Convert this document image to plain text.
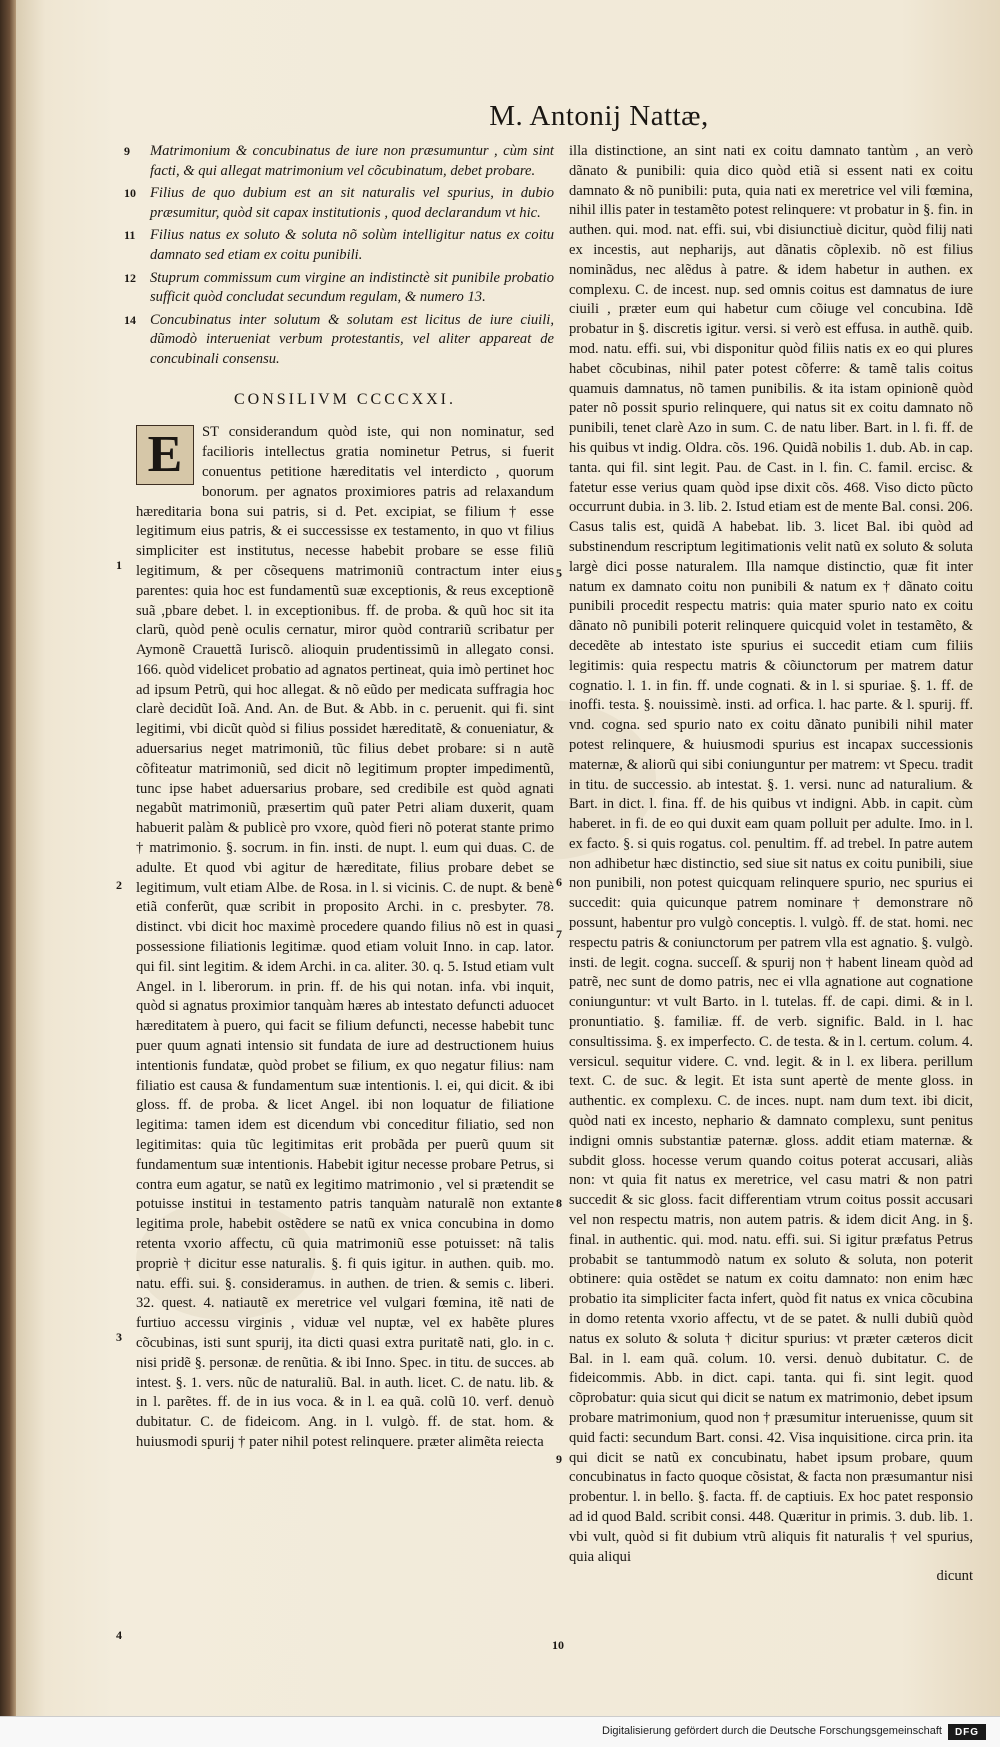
M. Antonij Nattæ,
9	Matrimonium & concubinatus de iure non præsumuntur , cùm sint facti, & qui allegat matrimonium vel cõcubinatum, debet probare.
10 Filius de quo dubium est an sit naturalis vel spurius, in dubio præsumitur, quòd sit capax institutionis , quod declarandum vt hic.
11	Filius natus ex soluto & soluta nõ solùm intelligitur natus ex coitu damnato sed etiam ex coitu punibili.
12 Stuprum commissum cum virgine an indistinctè sit punibile probatio sufficit quòd concludat secundum regulam, & numero 13.
14 Concubinatus inter solutum & solutam est licitus de iure ciuili, dũmodò interueniat verbum protestantis, vel aliter appareat de concubinali consensu.
CONSILIVM CCCCXXI.
E	ST considerandum quòd iste, qui non nominatur, sed facilioris intellectus gratia nominetur Petrus, si fuerit conuentus petitione hæreditatis vel interdicto , quorum bonorum. per agnatos proximiores patris ad relaxandum hæreditaria bona sui patris, si d. Pet. excipiat, se filium † esse legitimum eius patris, & ei successisse ex testamento, in quo vt filius simpliciter est institutus, necesse habebit probare se esse filiũ legitimum, & per cõsequens matrimoniũ contractum inter eius parentes: quia hoc est fundamentũ suæ exceptionis, & reus exceptionẽ suã ,pbare debet. l. in exceptionibus. ff. de proba. & quũ hoc sit ita clarũ, quòd penè oculis cernatur, miror quòd contrariũ scribatur per Aymonẽ Crauettã Iuriscõ. alioquin prudentissimũ in allegato consi. 166. quòd videlicet probatio ad agnatos pertineat, quia imò pertinet hoc ad ipsum Petrũ, qui hoc allegat. & nõ eũdo per medicata suffragia hoc clarè decidũt Ioã. And. An. de But. & Abb. in c. peruenit. qui fi. sint legitimi, vbi dicũt quòd si filius possidet hæreditatẽ, & conueniatur, & aduersarius neget matrimoniũ, tũc filius debet probare: si n autẽ cõfiteatur matrimoniũ, sed dicit nõ legitimum propter impedimentũ, tunc ipse habet aduersarius probare, sed credibile est quòd agnati negabũt matrimoniũ, præsertim quũ pater Petri aliam duxerit, quam habuerit palàm & publicè pro vxore, quòd fieri nõ poterat stante primo † matrimonio. §. socrum. in fin. insti. de nupt. l. eum qui duas. C. de adulte. Et quod vbi agitur de hæreditate, filius probare debet se legitimum, vult etiam Albe. de Rosa. in l. si vicinis. C. de nupt. & benè etiã conferũt, quæ scribit in proposito Archi. in c. presbyter. 78. distinct. vbi dicit hoc maximè procedere quando filius nõ est in quasi possessione filiationis legitimæ. quod etiam voluit Inno. in cap. lator. qui fil. sint legitim. & idem Archi. in ca. aliter. 30. q. 5. Istud etiam vult Angel. in l. liberorum. in prin. ff. de his qui notan. infa. vbi inquit, quòd si agnatus proximior tanquàm hæres ab intestato defuncti aduocet hæreditatem à puero, qui facit se filium defuncti, necesse habebit tunc puer quum agnati intensio sit fundata de iure ad destructionem huius intentionis fundatæ, quòd probet se filium, ex quo negatur filius: nam filiatio est causa & fundamentum suæ intentionis. l. ei, qui dicit. & ibi gloss. ff. de proba. & licet Angel. ibi non loquatur de filiatione legitima: tamen idem est dicendum vbi conceditur filiatio, sed non legitimitas: quia tũc legitimitas erit probãda per puerũ quum sit fundamentum suæ intentionis. Habebit igitur necesse probare Petrus, si contra eum agatur, se natũ ex legitimo matrimonio , vel si prætendit se potuisse institui in testamento patris tanquàm naturalẽ non extante legitima prole, habebit ostẽdere se natũ ex vnica concubina in domo retenta vxorio affectu, cũ quia matrimoniũ esse potuisset: nã talis propriè † dicitur esse naturalis. §. fi quis igitur. in authen. quib. mo. natu. effi. sui. §. consideramus. in authen. de trien. & semis c. liberi. 32. quest. 4. natiautẽ ex meretrice vel vulgari fœmina, itẽ nati de furtiuo accessu virginis , viduæ vel nuptæ, vel ex habẽte plures cõcubinas, isti sunt spurij, ita dicti quasi extra puritatẽ nati, glo. in c. nisi pridẽ §. personæ. de renũtia. & ibi Inno. Spec. in titu. de succes. ab intest. §. 1. vers. nũc de naturaliũ. Bal. in auth. licet. C. de natu. lib. & in l. parẽtes. ff. de in ius voca. & in l. ea quã. colũ 10. verf. denuò dubitatur. C. de fideicom. Ang. in l. vulgò. ff. de stat. hom. & huiusmodi spurij † pater nihil potest relinquere. præter alimẽta reiecta
illa distinctione, an sint nati ex coitu damnato tantùm , an verò dãnato & punibili: quia dico quòd etiã si essent nati ex coitu damnato & nõ punibili: puta, quia nati ex meretrice vel vili fœmina, nihil illis pater in testamẽto potest relinquere: vt probatur in §. fin. in authen. qui. mod. nat. effi. sui, vbi disiunctiuè dicitur, quòd filij nati ex incestis, aut nepharijs, aut dãnatis cõplexib. nõ est filius nominãdus, nec alẽdus à patre. & idem habetur in authen. ex complexu. C. de incest. nup. sed omnis coitus est damnatus de iure ciuili , præter eum qui habetur cum cõiuge vel concubina. Idẽ probatur in §. discretis igitur. versi. si verò est effusa. in authẽ. quib. mod. natu. effi. sui, vbi disponitur quòd filiis natis ex eo qui plures habet cõcubinas, nihil pater potest cõferre: & tamẽ talis coitus quamuis damnatus, nõ tamen punibilis. & ita istam opinionẽ quòd pater nõ possit spurio relinquere, qui natus sit ex coitu damnato nõ punibili, tenet clarè Azo in sum. C. de natu liber. Bart. in l. fi. ff. de his quibus vt indig. Oldra. cõs. 196. Quidã nobilis 1. dub. Ab. in cap. tanta. qui fil. sint legit. Pau. de Cast. in l. fin. C. famil. ercisc. & fatetur esse verius quam quòd ipse dixit cõs. 468. Viso dicto pũcto occurrunt dubia. in 3. lib. 2. Istud etiam est de mente Bal. consi. 206. Casus talis est, quidã A habebat. lib. 3. licet Bal. ibi quòd ad substinendum rescriptum legitimationis velit natũ ex soluto & soluta largè dici posse naturalem. Illa namque distinctio, quæ fit inter natum ex damnato coitu non punibili & natum ex † dãnato coitu punibili procedit respectu matris: quia mater spurio nato ex coitu dãnato nõ punibili poterit relinquere quicquid volet in testamẽto, & decedẽte ab intestato iste spurius ei succedit etiam cum filiis legitimis: quia respectu matris & cõiunctorum per matrem datur cognatio. l. 1. in fin. ff. unde cognati. & in l. si spuriae. §. 1. ff. de inoffi. testa. §. nouissimè. insti. ad orfica. l. hac parte. & l. spurij. ff. vnd. cogna. sed spurio nato ex coitu dãnato punibili nihil mater potest relinquere, & huiusmodi spurius est incapax successionis maternæ, & aliorũ qui sibi coniunguntur per matrem: vt Specu. tradit in titu. de successio. ab intestat. §. 1. versi. nunc ad naturalium. & Bart. in dict. l. fina. ff. de his quibus vt indigni. Abb. in capit. cùm haberet. in fi. de eo qui duxit eam quam polluit per adulte. Imo. in l. ex facto. §. si quis rogatus. col. penultim. ff. ad trebel. In patre autem non adhibetur hæc distinctio, sed siue sit natus ex coitu punibili, siue non punibili, non potest quicquam relinquere spurio, nec spurius ei succedit: quia quicunque patrem nominare † demonstrare nõ possunt, habentur pro vulgò conceptis. l. vulgò. ff. de stat. homi. nec respectu patris & coniunctorum per patrem vlla est agnatio. §. vulgò. insti. de legit. cogna. succeſſ. & spurij non † habent lineam quòd ad patrẽ, nec sunt de domo patris, nec ei vlla agnatione aut cognatione coniunguntur: vt vult Barto. in l. tutelas. ff. de capi. dimi. & in l. pronuntiatio. §. familiæ. ff. de verb. signific. Bald. in l. hac consultissima. §. ex imperfecto. C. de testa. & in l. certum. colum. 4. versicul. sequitur videre. C. vnd. legit. & in l. ex libera. perillum text. C. de suc. & legit. Et ista sunt apertè de mente gloss. in authentic. ex complexu. C. de inces. nupt. nam dum text. ibi dicit, quòd nati ex incesto, nephario & damnato complexu, sunt penitus indigni omnis substantiæ paternæ. gloss. addit etiam maternæ. & subdit gloss. hocesse verum quando coitus poterat accusari, aliàs non: vt quia fit natus ex meretrice, vel casu matri & non patri succedit & sic gloss. facit differentiam vtrum coitus possit accusari vel non respectu matris, non autem patris. & idem dicit Ang. in §. final. in authentic. qui. mod. natu. effi. sui. Si igitur præfatus Petrus probabit se tantummodò natum ex soluto & soluta, non poterit obtinere: quia ostẽdet se natum ex coitu damnato: non enim hæc probatio ita simpliciter facta infert, quòd fit natus ex vnica cõcubina in domo retenta vxorio affectu, vt de se patet. & nulli dubiũ quòd natus ex soluto & soluta † dicitur spurius: vt præter cæteros dicit Bal. in l. eam quã. colum. 10. versi. denuò dubitatur. C. de fideicommis. Abb. in dict. capi. tanta. qui fi. sint legit. quod cõprobatur: quia sicut qui dicit se natum ex matrimonio, debet ipsum probare matrimonium, quod non † præsumitur interuenisse, quum sit quid facti: secundum Bart. consi. 42. Visa inquisitione. circa prin. ita qui dicit se natũ ex concubinatu, habet ipsum probare, quum concubinatus in facto quoque cõsistat, & facta non præsumantur nisi probentur. l. in bello. §. facta. ff. de captiuis. Ex hoc patet responsio ad id quod Bald. scribit consi. 448. Quæritur in primis. 3. dub. lib. 1. vbi vult, quòd si fit dubium vtrũ aliquis fit naturalis † vel spurius, quia aliqui
dicunt
1
2
3
4
5
6
7
8
9
10
Digitalisierung gefördert durch die Deutsche Forschungsgemeinschaft	DFG
